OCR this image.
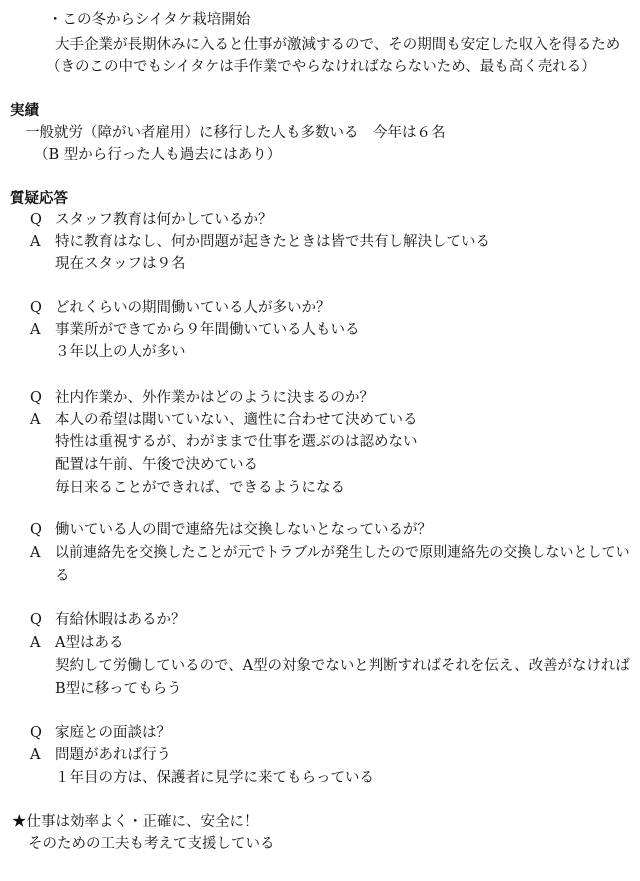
・この冬からシイタケ栽培開始
大手企業が長期休みに入ると仕事が激減するので、その期間も安定した収入を得るため
（きのこの中でもシイタケは手作業でやらなければならないため、最も高く売れる）
実績
一般就労（障がい者雇用）に移行した人も多数いる　今年は６名
（B 型から行った人も過去にはあり）
質疑応答
Q スタッフ教育は何かしているか？
A 特に教育はなし、何か問題が起きたときは皆で共有し解決している
現在スタッフは９名
Q どれくらいの期間働いている人が多いか？
A 事業所ができてから９年間働いている人もいる
３年以上の人が多い
Q 社内作業か、外作業かはどのように決まるのか？
A 本人の希望は聞いていない、適性に合わせて決めている
特性は重視するが、わがままで仕事を選ぶのは認めない
配置は午前、午後で決めている
毎日来ることができれば、できるようになる
Q 働いている人の間で連絡先は交換しないとなっているが？
A 以前連絡先を交換したことが元でトラブルが発生したので原則連絡先の交換しないとしてい
る
Q 有給休暇はあるか？
A A型はある
契約して労働しているので、A型の対象でないと判断すればそれを伝え、改善がなければ
B型に移ってもらう
Q 家庭との面談は？
A 問題があれば行う
１年目の方は、保護者に見学に来てもらっている
★仕事は効率よく・正確に、安全に！
そのための工夫も考えて支援している
